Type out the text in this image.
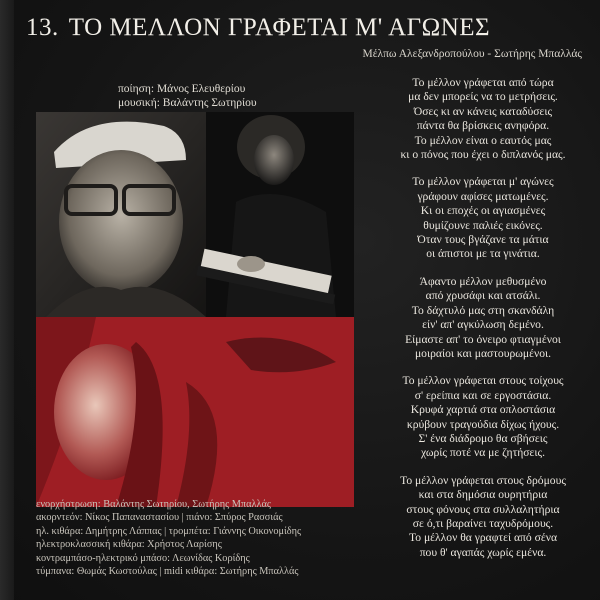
13. ΤΟ ΜΕΛΛΟΝ ΓΡΑΦΕΤΑΙ Μ' ΑΓΩΝΕΣ
Μέλπω Αλεξανδροπούλου - Σωτήρης Μπαλλάς
ποίηση: Μάνος Ελευθερίου
μουσική: Βαλάντης Σωτηρίου
Το μέλλον γράφεται από τώρα
μα δεν μπορείς να το μετρήσεις.
Όσες κι αν κάνεις καταδύσεις
πάντα θα βρίσκεις ανηφόρα.
Το μέλλον είναι ο εαυτός μας
κι ο πόνος που έχει ο διπλανός μας.
Το μέλλον γράφεται μ' αγώνες
γράφουν αφίσες ματωμένες.
Κι οι εποχές οι αγιασμένες
θυμίζουνε παλιές εικόνες.
Όταν τους βγάζανε τα μάτια
οι άπιστοι με τα γινάτια.
Άφαντο μέλλον μεθυσμένο
από χρυσάφι και ατσάλι.
Το δάχτυλό μας στη σκανδάλη
είν' απ' αγκύλωση δεμένο.
Είμαστε απ' το όνειρο φτιαγμένοι
μοιραίοι και μαστουρωμένοι.
Το μέλλον γράφεται στους τοίχους
σ' ερείπια και σε εργοστάσια.
Κρυφά χαρτιά στα οπλοστάσια
κρύβουν τραγούδια δίχως ήχους.
Σ' ένα διάδρομο θα σβήσεις
χωρίς ποτέ να με ζητήσεις.
Το μέλλον γράφεται στους δρόμους
και στα δημόσια ουρητήρια
στους φόνους στα συλλαλητήρια
σε ό,τι βαραίνει ταχυδρόμους.
Το μέλλον θα γραφτεί από σένα
που θ' αγαπάς χωρίς εμένα.
ενορχήστρωση: Βαλάντης Σωτηρίου, Σωτήρης Μπαλλάς
ακορντεόν: Νίκος Παπαναστασίου | πιάνο: Σπύρος Ρασσιάς
ηλ. κιθάρα: Δημήτρης Λάππας | τρομπέτα: Γιάννης Οικονομίδης
ηλεκτροκλασσική κιθάρα: Χρήστος Λαρίσης
κοντραμπάσο-ηλεκτρικό μπάσο: Λεωνίδας Κορίδης
τύμπανα: Θωμάς Κωστούλας | midi κιθάρα: Σωτήρης Μπαλλάς
